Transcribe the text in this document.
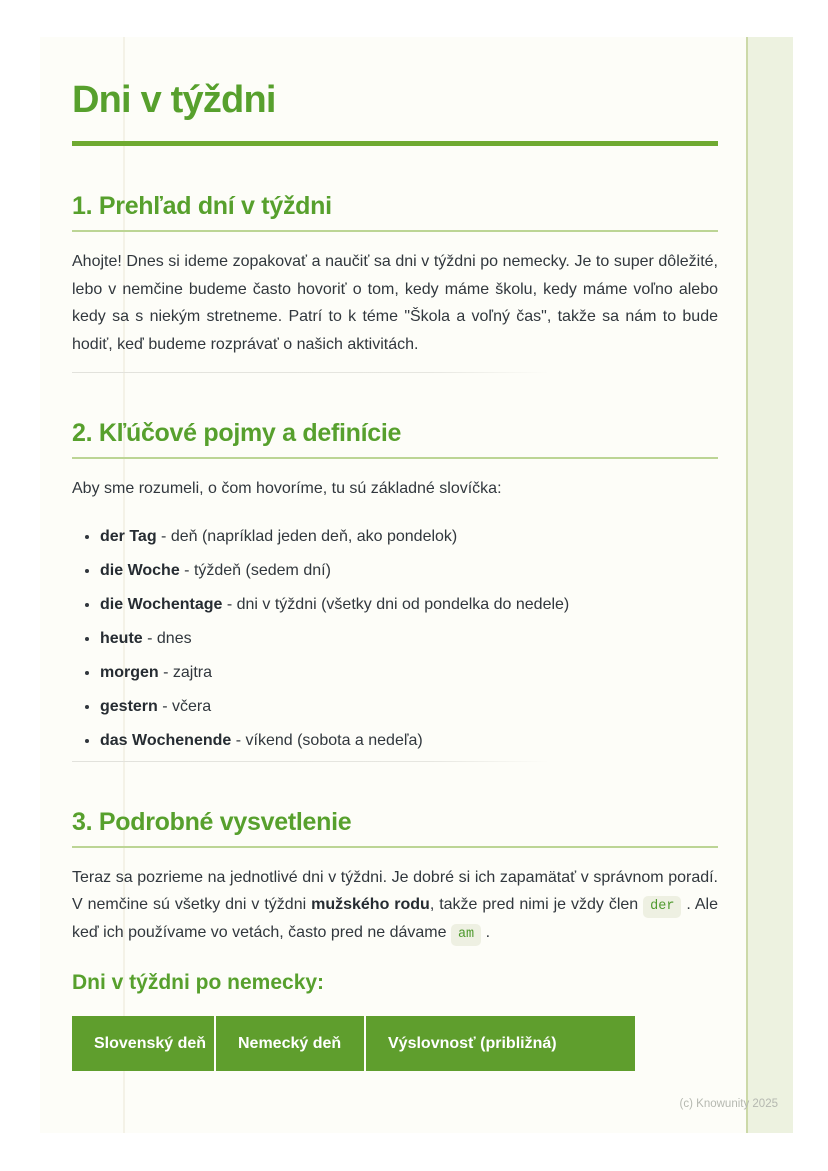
Dni v týždni
1. Prehľad dní v týždni

Ahojte! Dnes si ideme zopakovať a naučiť sa dni v týždni po nemecky. Je to super dôležité, lebo v nemčine budeme často hovoriť o tom, kedy máme školu, kedy máme voľno alebo kedy sa s niekým stretneme. Patrí to k téme "Škola a voľný čas", takže sa nám to bude hodiť, keď budeme rozprávať o našich aktivitách.

2. Kľúčové pojmy a definície

Aby sme rozumeli, o čom hovoríme, tu sú základné slovíčka:

• der Tag - deň (napríklad jeden deň, ako pondelok)
• die Woche - týždeň (sedem dní)
• die Wochentage - dni v týždni (všetky dni od pondelka do nedele)
• heute - dnes
• morgen - zajtra
• gestern - včera
• das Wochenende - víkend (sobota a nedeľa)
3. Podrobné vysvetlenie

Teraz sa pozrieme na jednotlivé dni v týždni. Je dobré si ich zapamätať v správnom poradí. V nemčine sú všetky dni v týždni mužského rodu, takže pred nimi je vždy člen der . Ale keď ich používame vo vetách, často pred ne dávame am .

Dni v týždni po nemecky:
Slovenský deň	Nemecký deň	Výslovnosť (približná)
(c) Knowunity 2025
